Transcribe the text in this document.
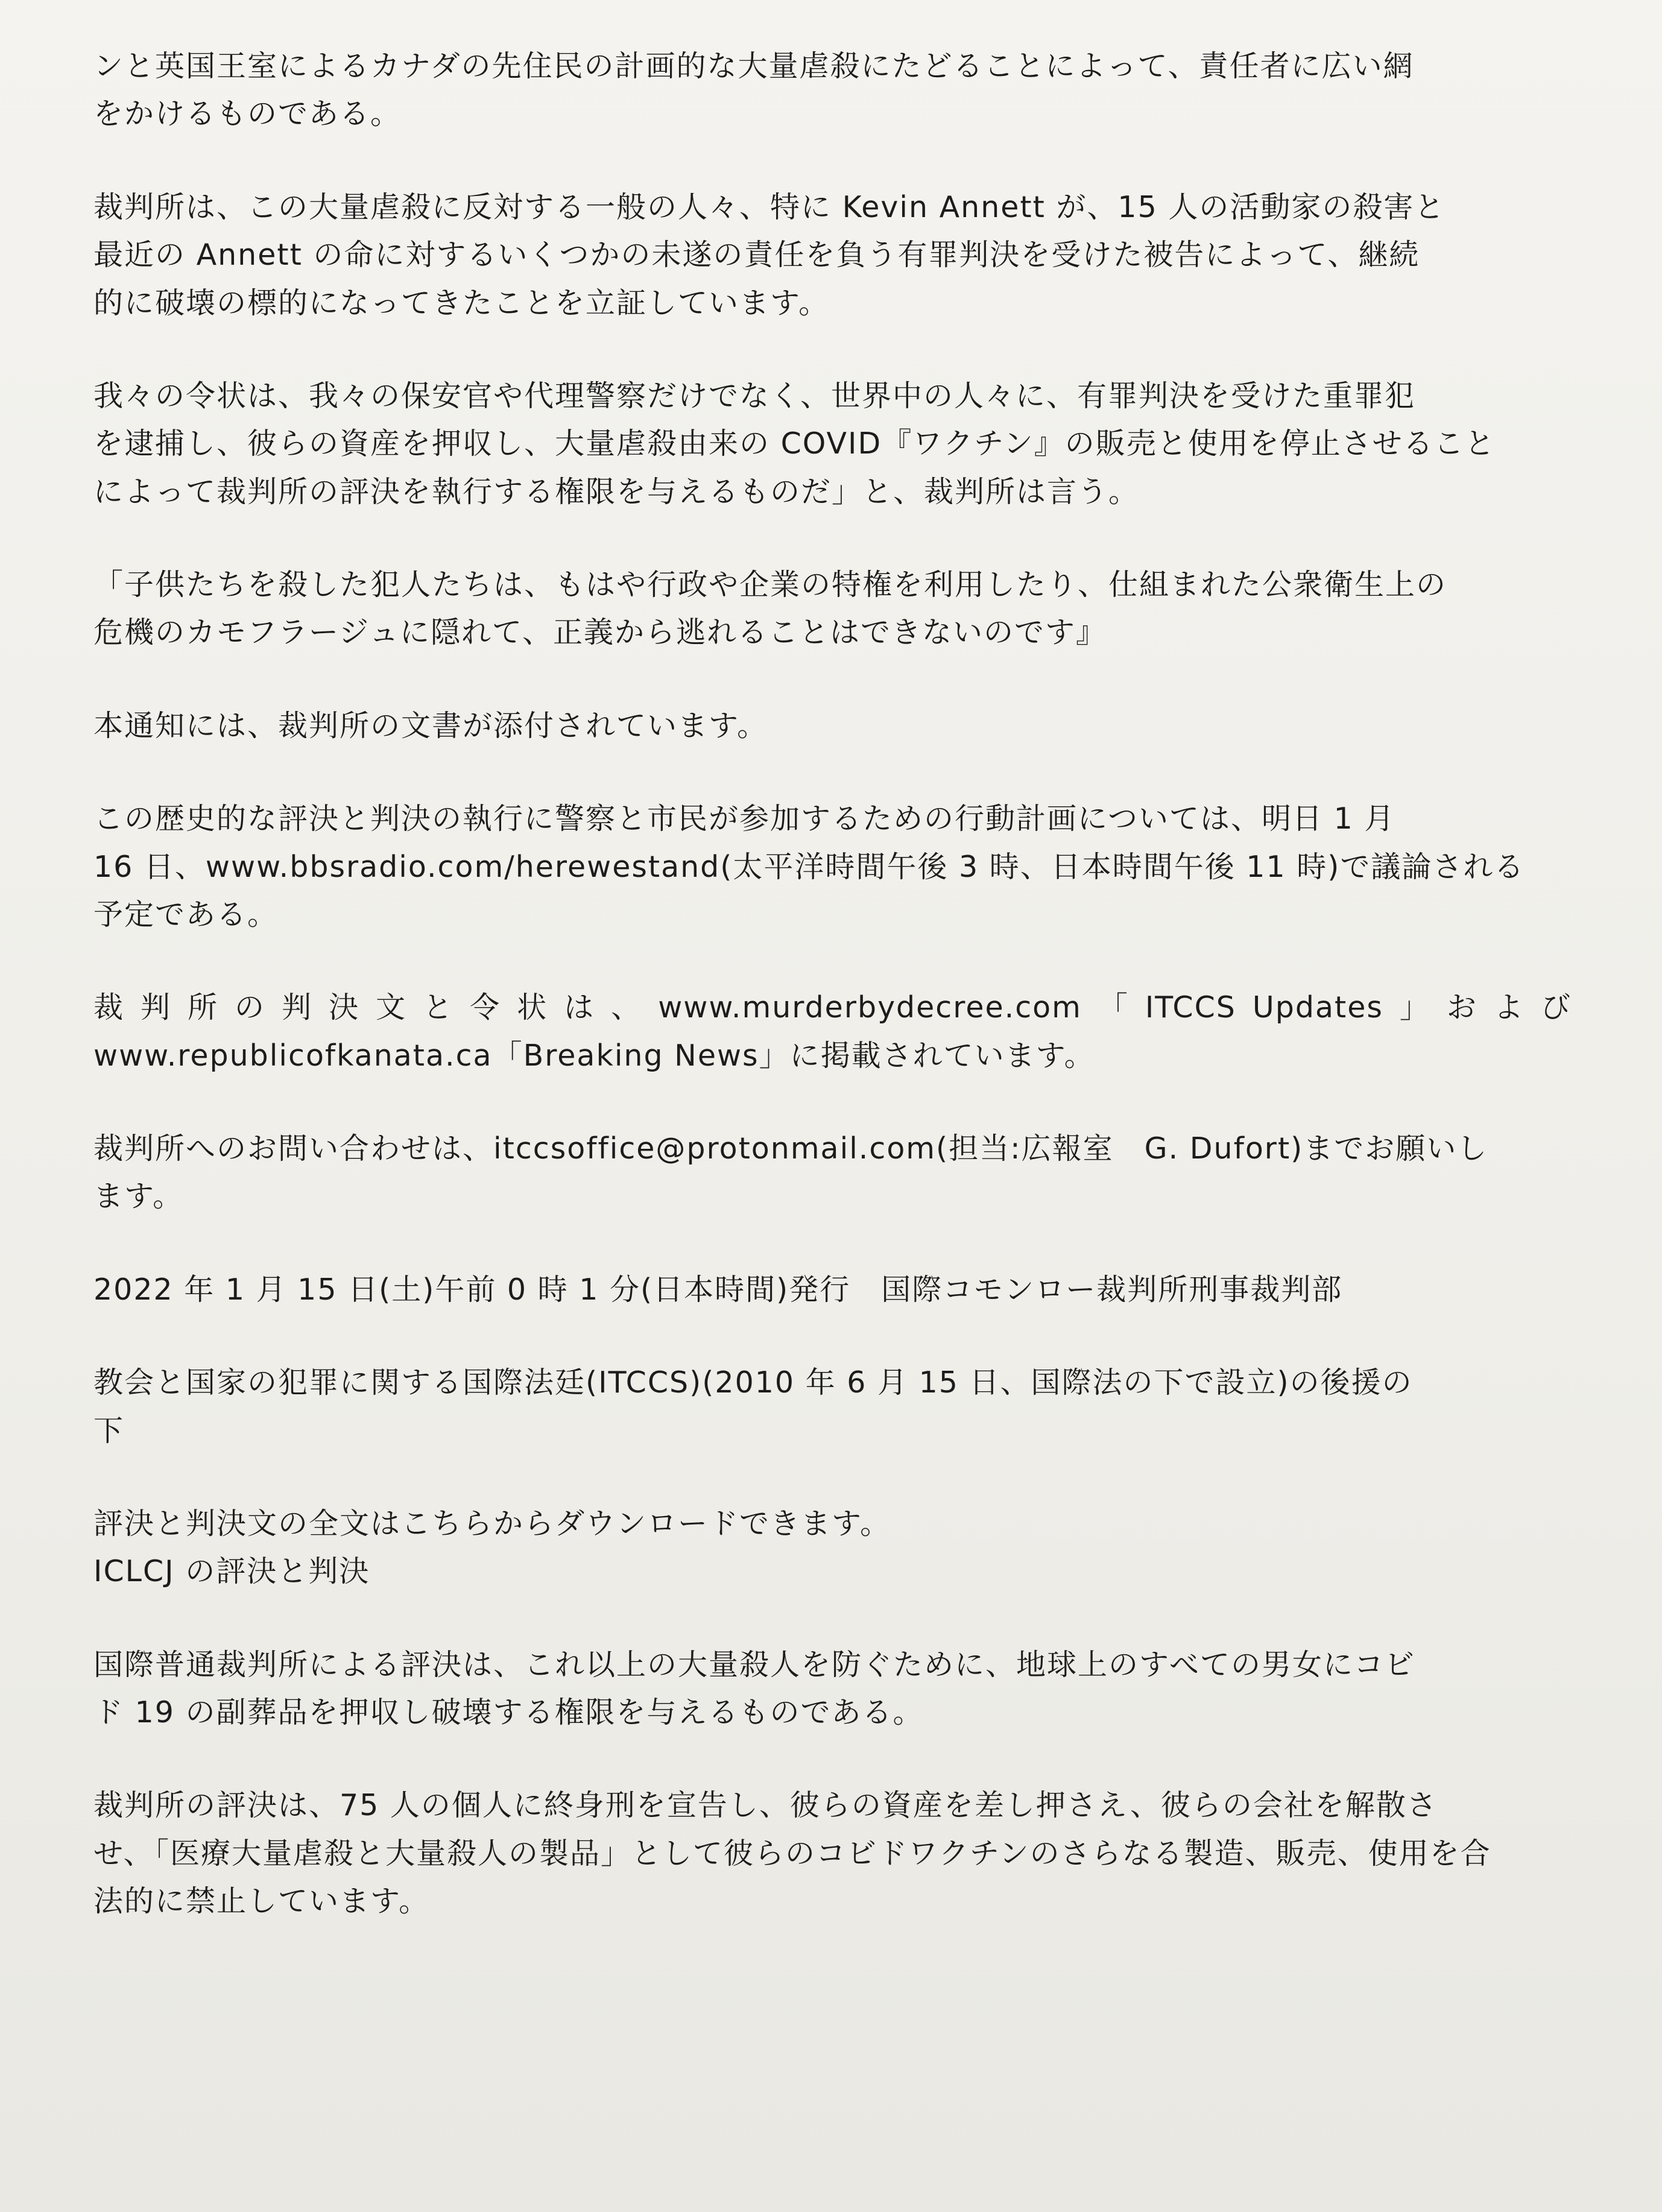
ンと英国王室によるカナダの先住民の計画的な大量虐殺にたどることによって、責任者に広い網
をかけるものである。
裁判所は、この大量虐殺に反対する一般の人々、特に Kevin Annett が、15 人の活動家の殺害と
最近の Annett の命に対するいくつかの未遂の責任を負う有罪判決を受けた被告によって、継続
的に破壊の標的になってきたことを立証しています。
我々の令状は、我々の保安官や代理警察だけでなく、世界中の人々に、有罪判決を受けた重罪犯
を逮捕し、彼らの資産を押収し、大量虐殺由来の COVID『ワクチン』の販売と使用を停止させること
によって裁判所の評決を執行する権限を与えるものだ」と、裁判所は言う。
「子供たちを殺した犯人たちは、もはや行政や企業の特権を利用したり、仕組まれた公衆衛生上の
危機のカモフラージュに隠れて、正義から逃れることはできないのです』
本通知には、裁判所の文書が添付されています。
この歴史的な評決と判決の執行に警察と市民が参加するための行動計画については、明日 1 月
16 日、www.bbsradio.com/herewestand(太平洋時間午後 3 時、日本時間午後 11 時)で議論される
予定である。
裁 判 所 の 判 決 文 と 令 状 は 、 www.murderbydecree.com 「 ITCCS Updates 」 お よ び
www.republicofkanata.ca「Breaking News」に掲載されています。
裁判所へのお問い合わせは、itccsoffice@protonmail.com(担当:広報室　G. Dufort)までお願いし
ます。
2022 年 1 月 15 日(土)午前 0 時 1 分(日本時間)発行　国際コモンロー裁判所刑事裁判部
教会と国家の犯罪に関する国際法廷(ITCCS)(2010 年 6 月 15 日、国際法の下で設立)の後援の
下
評決と判決文の全文はこちらからダウンロードできます。
ICLCJ の評決と判決
国際普通裁判所による評決は、これ以上の大量殺人を防ぐために、地球上のすべての男女にコビ
ド 19 の副葬品を押収し破壊する権限を与えるものである。
裁判所の評決は、75 人の個人に終身刑を宣告し、彼らの資産を差し押さえ、彼らの会社を解散さ
せ、「医療大量虐殺と大量殺人の製品」として彼らのコビドワクチンのさらなる製造、販売、使用を合
法的に禁止しています。
